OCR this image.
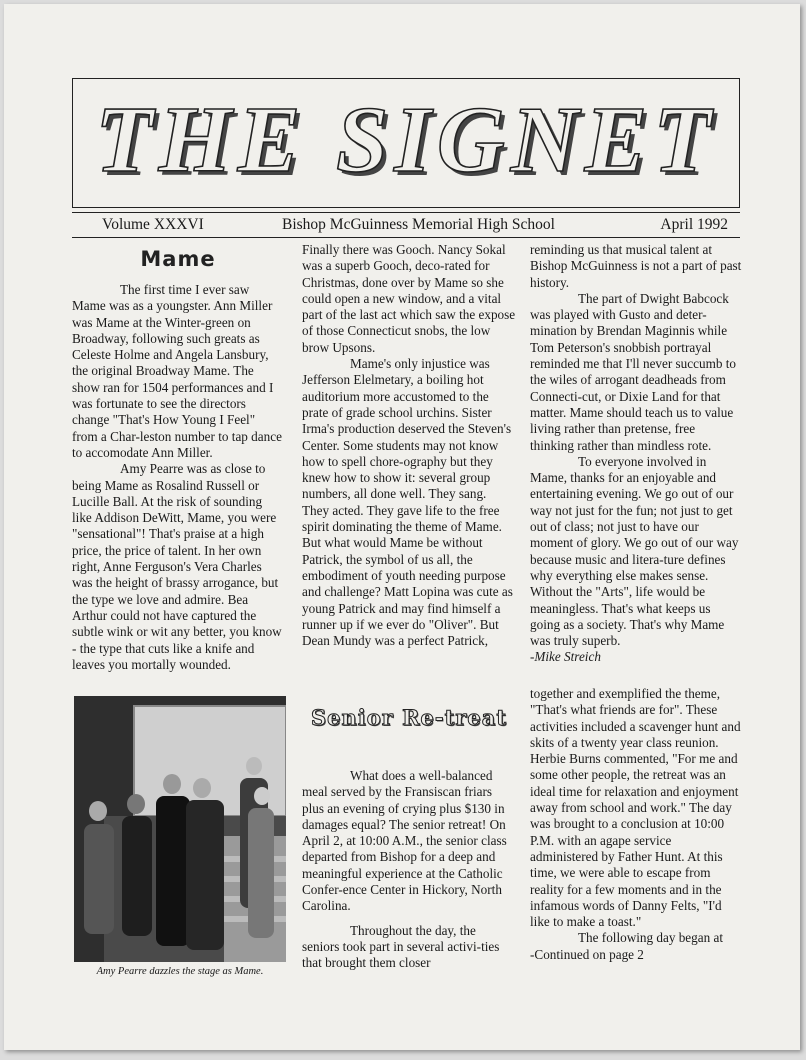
THE SIGNET
Volume XXXVI	Bishop McGuinness Memorial High School	April 1992
Mame

The first time I ever saw Mame was as a youngster. Ann Miller was Mame at the Winter-green on Broadway, following such greats as Celeste Holme and Angela Lansbury, the original Broadway Mame. The show ran for 1504 performances and I was fortunate to see the directors change "That's How Young I Feel" from a Char-leston number to tap dance to accomodate Ann Miller.

Amy Pearre was as close to being Mame as Rosalind Russell or Lucille Ball. At the risk of sounding like Addison DeWitt, Mame, you were "sensational"! That's praise at a high price, the price of talent. In her own right, Anne Ferguson's Vera Charles was the height of brassy arrogance, but the type we love and admire. Bea Arthur could not have captured the subtle wink or wit any better, you know - the type that cuts like a knife and leaves you mortally wounded.

Finally there was Gooch. Nancy Sokal was a superb Gooch, deco-rated for Christmas, done over by Mame so she could open a new window, and a vital part of the last act which saw the expose of those Connecticut snobs, the low brow Upsons.

Mame's only injustice was Jefferson Elelmetary, a boiling hot auditorium more accustomed to the prate of grade school urchins. Sister Irma's production deserved the Steven's Center. Some students may not know how to spell chore-ography but they knew how to show it: several group numbers, all done well. They sang. They acted. They gave life to the free spirit dominating the theme of Mame. But what would Mame be without Patrick, the symbol of us all, the embodiment of youth needing purpose and challenge? Matt Lopina was cute as young Patrick and may find himself a runner up if we ever do "Oliver". But Dean Mundy was a perfect Patrick,

reminding us that musical talent at Bishop McGuinness is not a part of past history.

The part of Dwight Babcock was played with Gusto and deter-mination by Brendan Maginnis while Tom Peterson's snobbish portrayal reminded me that I'll never succumb to the wiles of arrogant deadheads from Connecti-cut, or Dixie Land for that matter. Mame should teach us to value living rather than pretense, free thinking rather than mindless rote.

To everyone involved in Mame, thanks for an enjoyable and entertaining evening. We go out of our way not just for the fun; not just to get out of class; not just to have our moment of glory. We go out of our way because music and litera-ture defines why everything else makes sense. Without the "Arts", life would be meaningless. That's what keeps us going as a society. That's why Mame was truly superb.

-Mike Streich

Amy Pearre dazzles the stage as Mame.
Senior Re-treat

What does a well-balanced meal served by the Fransiscan friars plus an evening of crying plus $130 in damages equal? The senior retreat! On April 2, at 10:00 A.M., the senior class departed from Bishop for a deep and meaningful experience at the Catholic Confer-ence Center in Hickory, North Carolina.

Throughout the day, the seniors took part in several activi-ties that brought them closer

together and exemplified the theme, "That's what friends are for". These activities included a scavenger hunt and skits of a twenty year class reunion. Herbie Burns commented, "For me and some other people, the retreat was an ideal time for relaxation and enjoyment away from school and work." The day was brought to a conclusion at 10:00 P.M. with an agape service administered by Father Hunt. At this time, we were able to escape from reality for a few moments and in the infamous words of Danny Felts, "I'd like to make a toast."

The following day began at

-Continued on page 2
